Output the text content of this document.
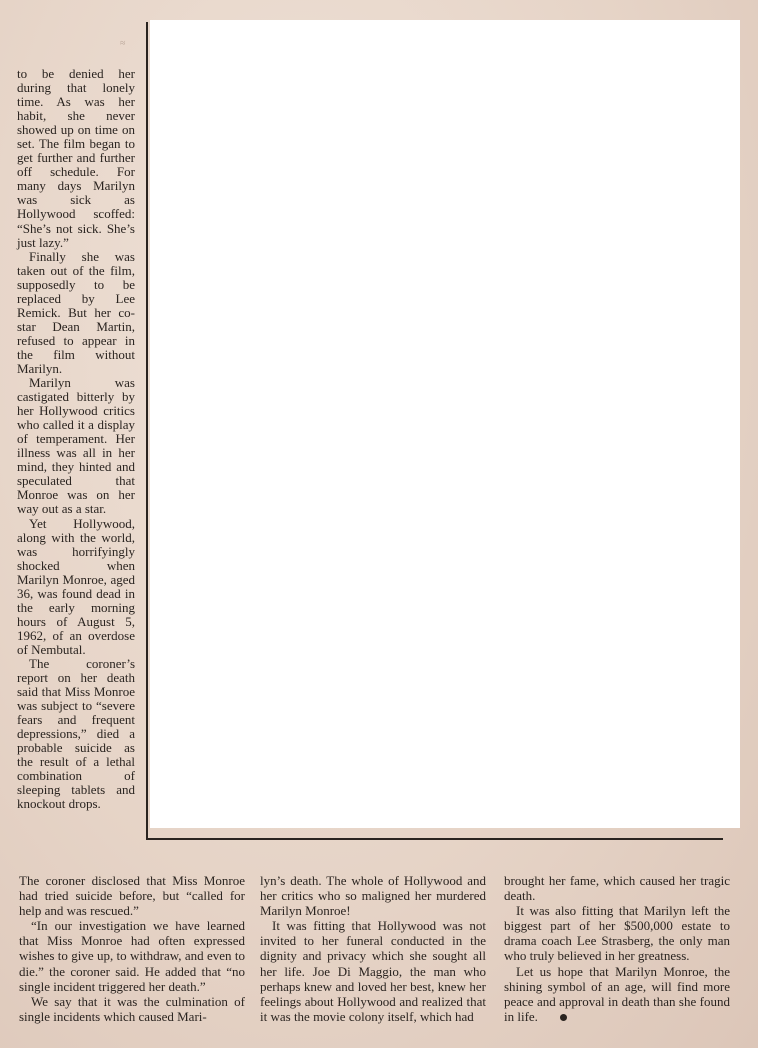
≈

to be denied her during that lonely time. As was her habit, she never showed up on time on set. The film began to get further and further off schedule. For many days Marilyn was sick as Hollywood scoffed: “She’s not sick. She’s just lazy.”

Finally she was taken out of the film, supposedly to be replaced by Lee Remick. But her co-star Dean Martin, refused to appear in the film without Marilyn.

Marilyn was castigated bitterly by her Hollywood critics who called it a display of temperament. Her illness was all in her mind, they hinted and speculated that Monroe was on her way out as a star.

Yet Hollywood, along with the world, was horrifyingly shocked when Marilyn Monroe, aged 36, was found dead in the early morning hours of August 5, 1962, of an overdose of Nembutal.

The coroner’s report on her death said that Miss Monroe was subject to “severe fears and frequent depressions,” died a probable suicide as the result of a lethal combination of sleeping tablets and knockout drops.

The coroner disclosed that Miss Monroe had tried suicide before, but “called for help and was rescued.”

“In our investigation we have learned that Miss Monroe had often expressed wishes to give up, to withdraw, and even to die.” the coroner said. He added that “no single incident triggered her death.”

We say that it was the culmination of single incidents which caused Mari-

lyn’s death. The whole of Hollywood and her critics who so maligned her murdered Marilyn Monroe!

It was fitting that Hollywood was not invited to her funeral conducted in the dignity and privacy which she sought all her life. Joe Di Maggio, the man who perhaps knew and loved her best, knew her feelings about Hollywood and realized that it was the movie colony itself, which had

brought her fame, which caused her tragic death.

It was also fitting that Marilyn left the biggest part of her $500,000 estate to drama coach Lee Strasberg, the only man who truly believed in her greatness.

Let us hope that Marilyn Monroe, the shining symbol of an age, will find more peace and approval in death than she found in life.
